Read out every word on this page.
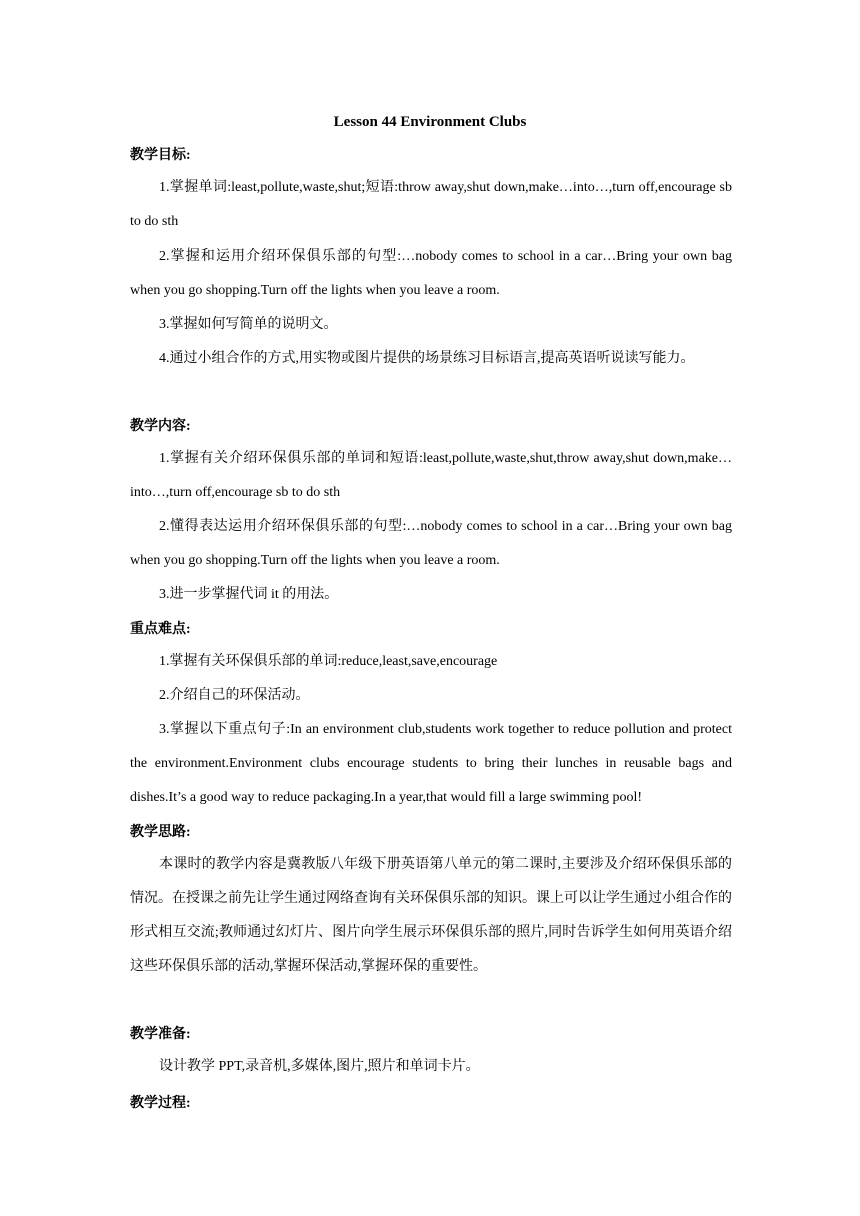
Lesson 44 Environment Clubs
教学目标:

1.掌握单词:least,pollute,waste,shut;短语:throw away,shut down,make…into…,turn off,encourage sb to do sth

2.掌握和运用介绍环保俱乐部的句型:…nobody comes to school in a car…Bring your own bag when you go shopping.Turn off the lights when you leave a room.

3.掌握如何写简单的说明文。

4.通过小组合作的方式,用实物或图片提供的场景练习目标语言,提高英语听说读写能力。

教学内容:

1.掌握有关介绍环保俱乐部的单词和短语:least,pollute,waste,shut,throw away,shut down,make…into…,turn off,encourage sb to do sth

2.懂得表达运用介绍环保俱乐部的句型:…nobody comes to school in a car…Bring your own bag when you go shopping.Turn off the lights when you leave a room.

3.进一步掌握代词 it 的用法。

重点难点:

1.掌握有关环保俱乐部的单词:reduce,least,save,encourage

2.介绍自己的环保活动。

3.掌握以下重点句子:In an environment club,students work together to reduce pollution and protect the environment.Environment clubs encourage students to bring their lunches in reusable bags and dishes.It’s a good way to reduce packaging.In a year,that would fill a large swimming pool!

教学思路:

本课时的教学内容是冀教版八年级下册英语第八单元的第二课时,主要涉及介绍环保俱乐部的情况。在授课之前先让学生通过网络查询有关环保俱乐部的知识。课上可以让学生通过小组合作的形式相互交流;教师通过幻灯片、图片向学生展示环保俱乐部的照片,同时告诉学生如何用英语介绍这些环保俱乐部的活动,掌握环保活动,掌握环保的重要性。

教学准备:

设计教学 PPT,录音机,多媒体,图片,照片和单词卡片。

教学过程:
